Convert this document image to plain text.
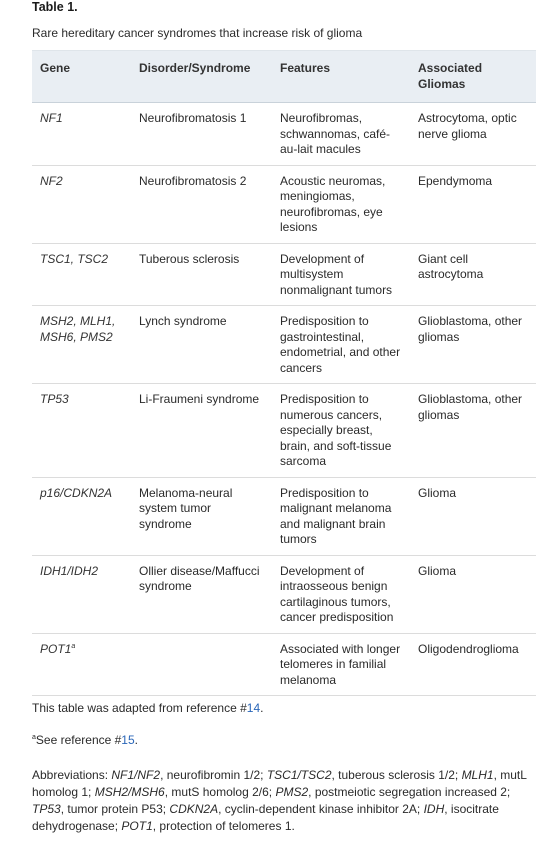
Table 1.
Rare hereditary cancer syndromes that increase risk of glioma
Gene	Disorder/Syndrome	Features	Associated Gliomas
NF1	Neurofibromatosis 1	Neurofibromas, schwannomas, café-au-lait macules	Astrocytoma, optic nerve glioma
NF2	Neurofibromatosis 2	Acoustic neuromas, meningiomas, neurofibromas, eye lesions	Ependymoma
TSC1, TSC2	Tuberous sclerosis	Development of multisystem nonmalignant tumors	Giant cell astrocytoma
MSH2, MLH1, MSH6, PMS2	Lynch syndrome	Predisposition to gastrointestinal, endometrial, and other cancers	Glioblastoma, other gliomas
TP53	Li-Fraumeni syndrome	Predisposition to numerous cancers, especially breast, brain, and soft-tissue sarcoma	Glioblastoma, other gliomas
p16/CDKN2A	Melanoma-neural system tumor syndrome	Predisposition to malignant melanoma and malignant brain tumors	Glioma
IDH1/IDH2	Ollier disease/Maffucci syndrome	Development of intraosseous benign cartilaginous tumors, cancer predisposition	Glioma
POT1$^a$		Associated with longer telomeres in familial melanoma	Oligodendroglioma
This table was adapted from reference #14.
$^a$See reference #15.
Abbreviations: NF1/NF2, neurofibromin 1/2; TSC1/TSC2, tuberous sclerosis 1/2; MLH1, mutL homolog 1; MSH2/MSH6, mutS homolog 2/6; PMS2, postmeiotic segregation increased 2; TP53, tumor protein P53; CDKN2A, cyclin-dependent kinase inhibitor 2A; IDH, isocitrate dehydrogenase; POT1, protection of telomeres 1.
